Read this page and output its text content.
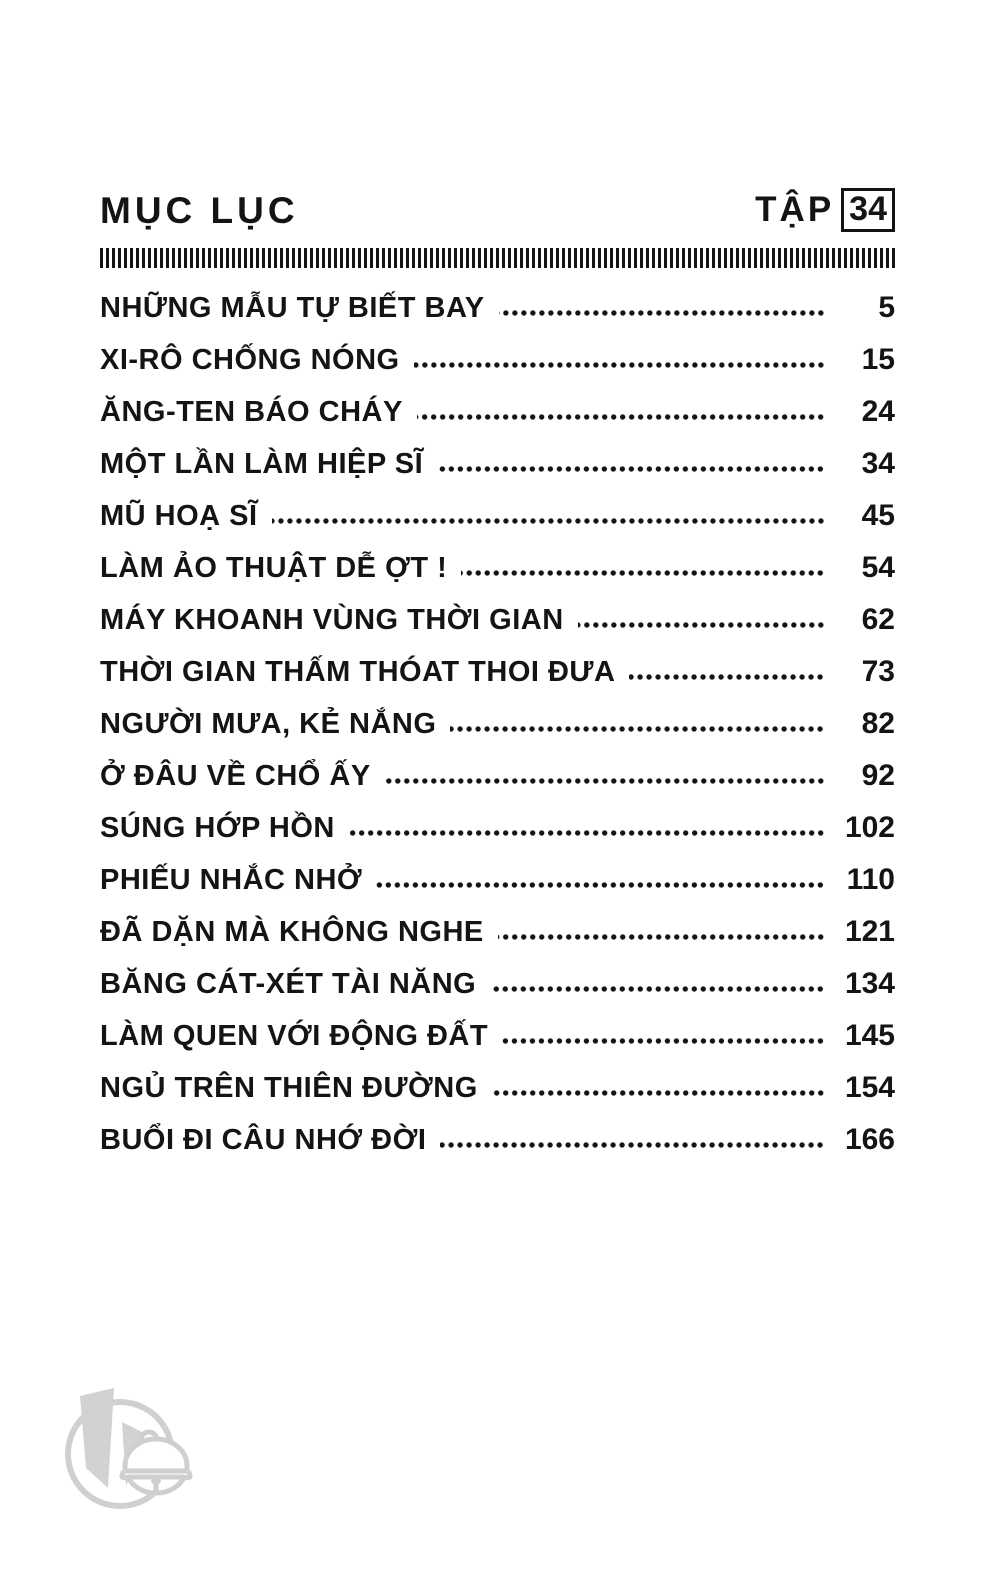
MỤC LỤC	TẬP 34
NHỮNG MẪU TỰ BIẾT BAY	5
XI-RÔ CHỐNG NÓNG	15
ĂNG-TEN BÁO CHÁY	24
MỘT LẦN LÀM HIỆP SĨ	34
MŨ HOẠ SĨ	45
LÀM ẢO THUẬT DỄ ỢT !	54
MÁY KHOANH VÙNG THỜI GIAN	62
THỜI GIAN THẤM THÓAT THOI ĐƯA	73
NGƯỜI MƯA, KẺ NẮNG	82
Ở ĐÂU VỀ CHỔ ẤY	92
SÚNG HỚP HỒN	102
PHIẾU NHẮC NHỞ	110
ĐÃ DẶN MÀ KHÔNG NGHE	121
BĂNG CÁT-XÉT TÀI NĂNG	134
LÀM QUEN VỚI ĐỘNG ĐẤT	145
NGỦ TRÊN THIÊN ĐƯỜNG	154
BUỔI ĐI CÂU NHỚ ĐỜI	166
